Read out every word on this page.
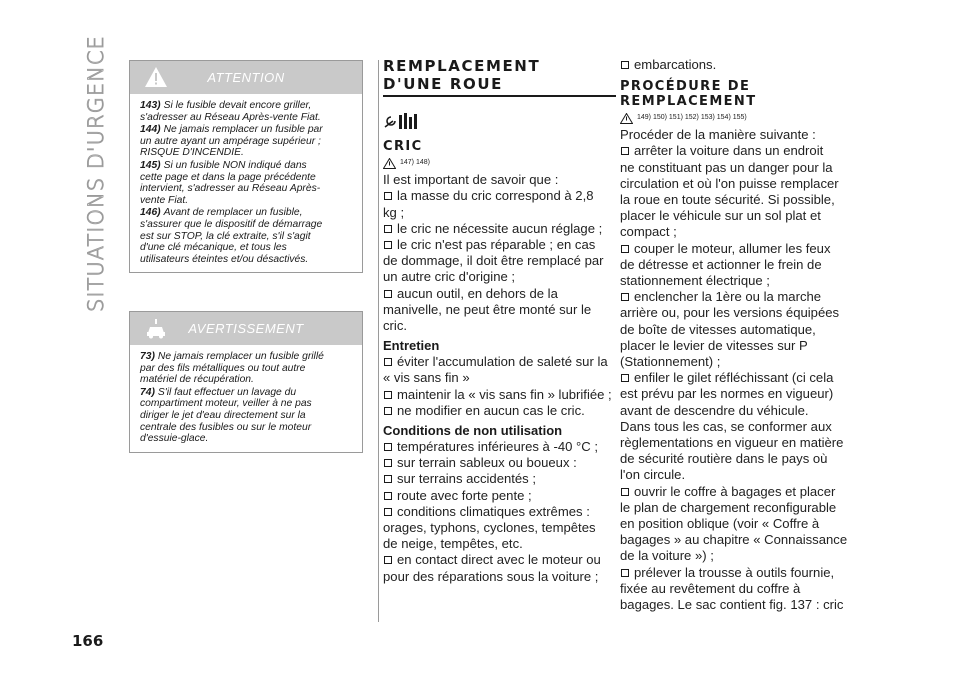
SITUATIONS D'URGENCE
166
ATTENTION

143) Si le fusible devait encore griller,
s'adresser au Réseau Après-vente Fiat.

144) Ne jamais remplacer un fusible par
un autre ayant un ampérage supérieur ;
RISQUE D'INCENDIE.

145) Si un fusible NON indiqué dans
cette page et dans la page précédente
intervient, s'adresser au Réseau Après-
vente Fiat.

146) Avant de remplacer un fusible,
s'assurer que le dispositif de démarrage
est sur STOP, la clé extraite, s'il s'agit
d'une clé mécanique, et tous les
utilisateurs éteintes et/ou désactivés.

AVERTISSEMENT

73) Ne jamais remplacer un fusible grillé
par des fils métalliques ou tout autre
matériel de récupération.

74) S'il faut effectuer un lavage du
compartiment moteur, veiller à ne pas
diriger le jet d'eau directement sur la
centrale des fusibles ou sur le moteur
d'essuie-glace.

REMPLACEMENT
D'UNE ROUE
CRIC
147) 148)
Il est important de savoir que :
la masse du cric correspond à 2,8
kg ;
le cric ne nécessite aucun réglage ;
le cric n'est pas réparable ; en cas
de dommage, il doit être remplacé par
un autre cric d'origine ;
aucun outil, en dehors de la
manivelle, ne peut être monté sur le
cric.
Entretien
éviter l'accumulation de saleté sur la
« vis sans fin »
maintenir la « vis sans fin » lubrifiée ;
ne modifier en aucun cas le cric.
Conditions de non utilisation
températures inférieures à -40 °C ;
sur terrain sableux ou boueux :
sur terrains accidentés ;
route avec forte pente ;
conditions climatiques extrêmes :
orages, typhons, cyclones, tempêtes
de neige, tempêtes, etc.
en contact direct avec le moteur ou
pour des réparations sous la voiture ;
embarcations.
PROCÉDURE DE
REMPLACEMENT
149) 150) 151) 152) 153) 154) 155)
Procéder de la manière suivante :
arrêter la voiture dans un endroit
ne constituant pas un danger pour la
circulation et où l'on puisse remplacer
la roue en toute sécurité. Si possible,
placer le véhicule sur un sol plat et
compact ;
couper le moteur, allumer les feux
de détresse et actionner le frein de
stationnement électrique ;
enclencher la 1ère ou la marche
arrière ou, pour les versions équipées
de boîte de vitesses automatique,
placer le levier de vitesses sur P
(Stationnement) ;
enfiler le gilet réfléchissant (ci cela
est prévu par les normes en vigueur)
avant de descendre du véhicule.
Dans tous les cas, se conformer aux
règlementations en vigueur en matière
de sécurité routière dans le pays où
l'on circule.
ouvrir le coffre à bagages et placer
le plan de chargement reconfigurable
en position oblique (voir « Coffre à
bagages » au chapitre « Connaissance
de la voiture ») ;
prélever la trousse à outils fournie,
fixée au revêtement du coffre à
bagages. Le sac contient fig. 137 : cric
